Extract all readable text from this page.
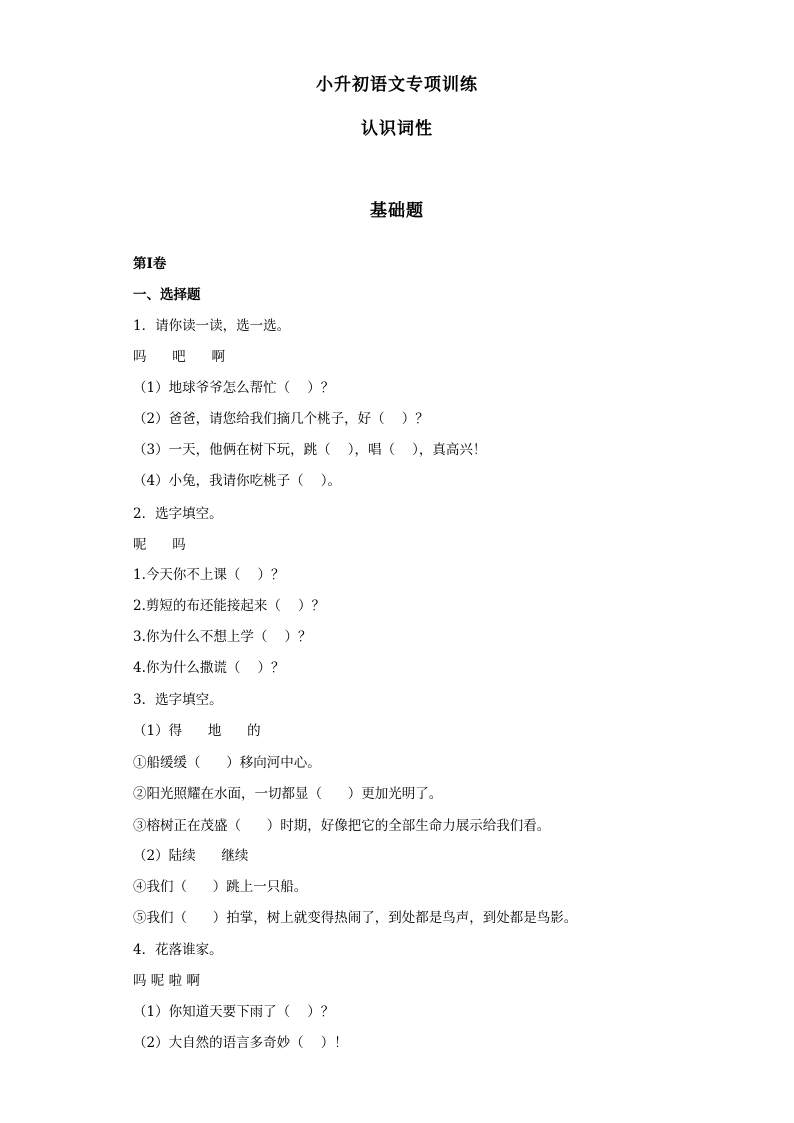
小升初语文专项训练
认识词性
基础题
第I卷
一、选择题
1．请你读一读，选一选。
吗      吧      啊
（1）地球爷爷怎么帮忙（    ）？
（2）爸爸，请您给我们摘几个桃子，好（    ）？
（3）一天，他俩在树下玩，跳（    ），唱（    ），真高兴！
（4）小兔，我请你吃桃子（    ）。
2．选字填空。
呢      吗
1.今天你不上课（    ）？
2.剪短的布还能接起来（    ）？
3.你为什么不想上学（    ）？
4.你为什么撒谎（    ）？
3．选字填空。
（1）得      地      的
①船缓缓（      ）移向河中心。
②阳光照耀在水面，一切都显（      ）更加光明了。
③榕树正在茂盛（      ）时期，好像把它的全部生命力展示给我们看。
（2）陆续      继续
④我们（      ）跳上一只船。
⑤我们（      ）拍掌，树上就变得热闹了，到处都是鸟声，到处都是鸟影。
4．花落谁家。
吗 呢 啦 啊
（1）你知道天要下雨了（    ）？
（2）大自然的语言多奇妙（    ）！
